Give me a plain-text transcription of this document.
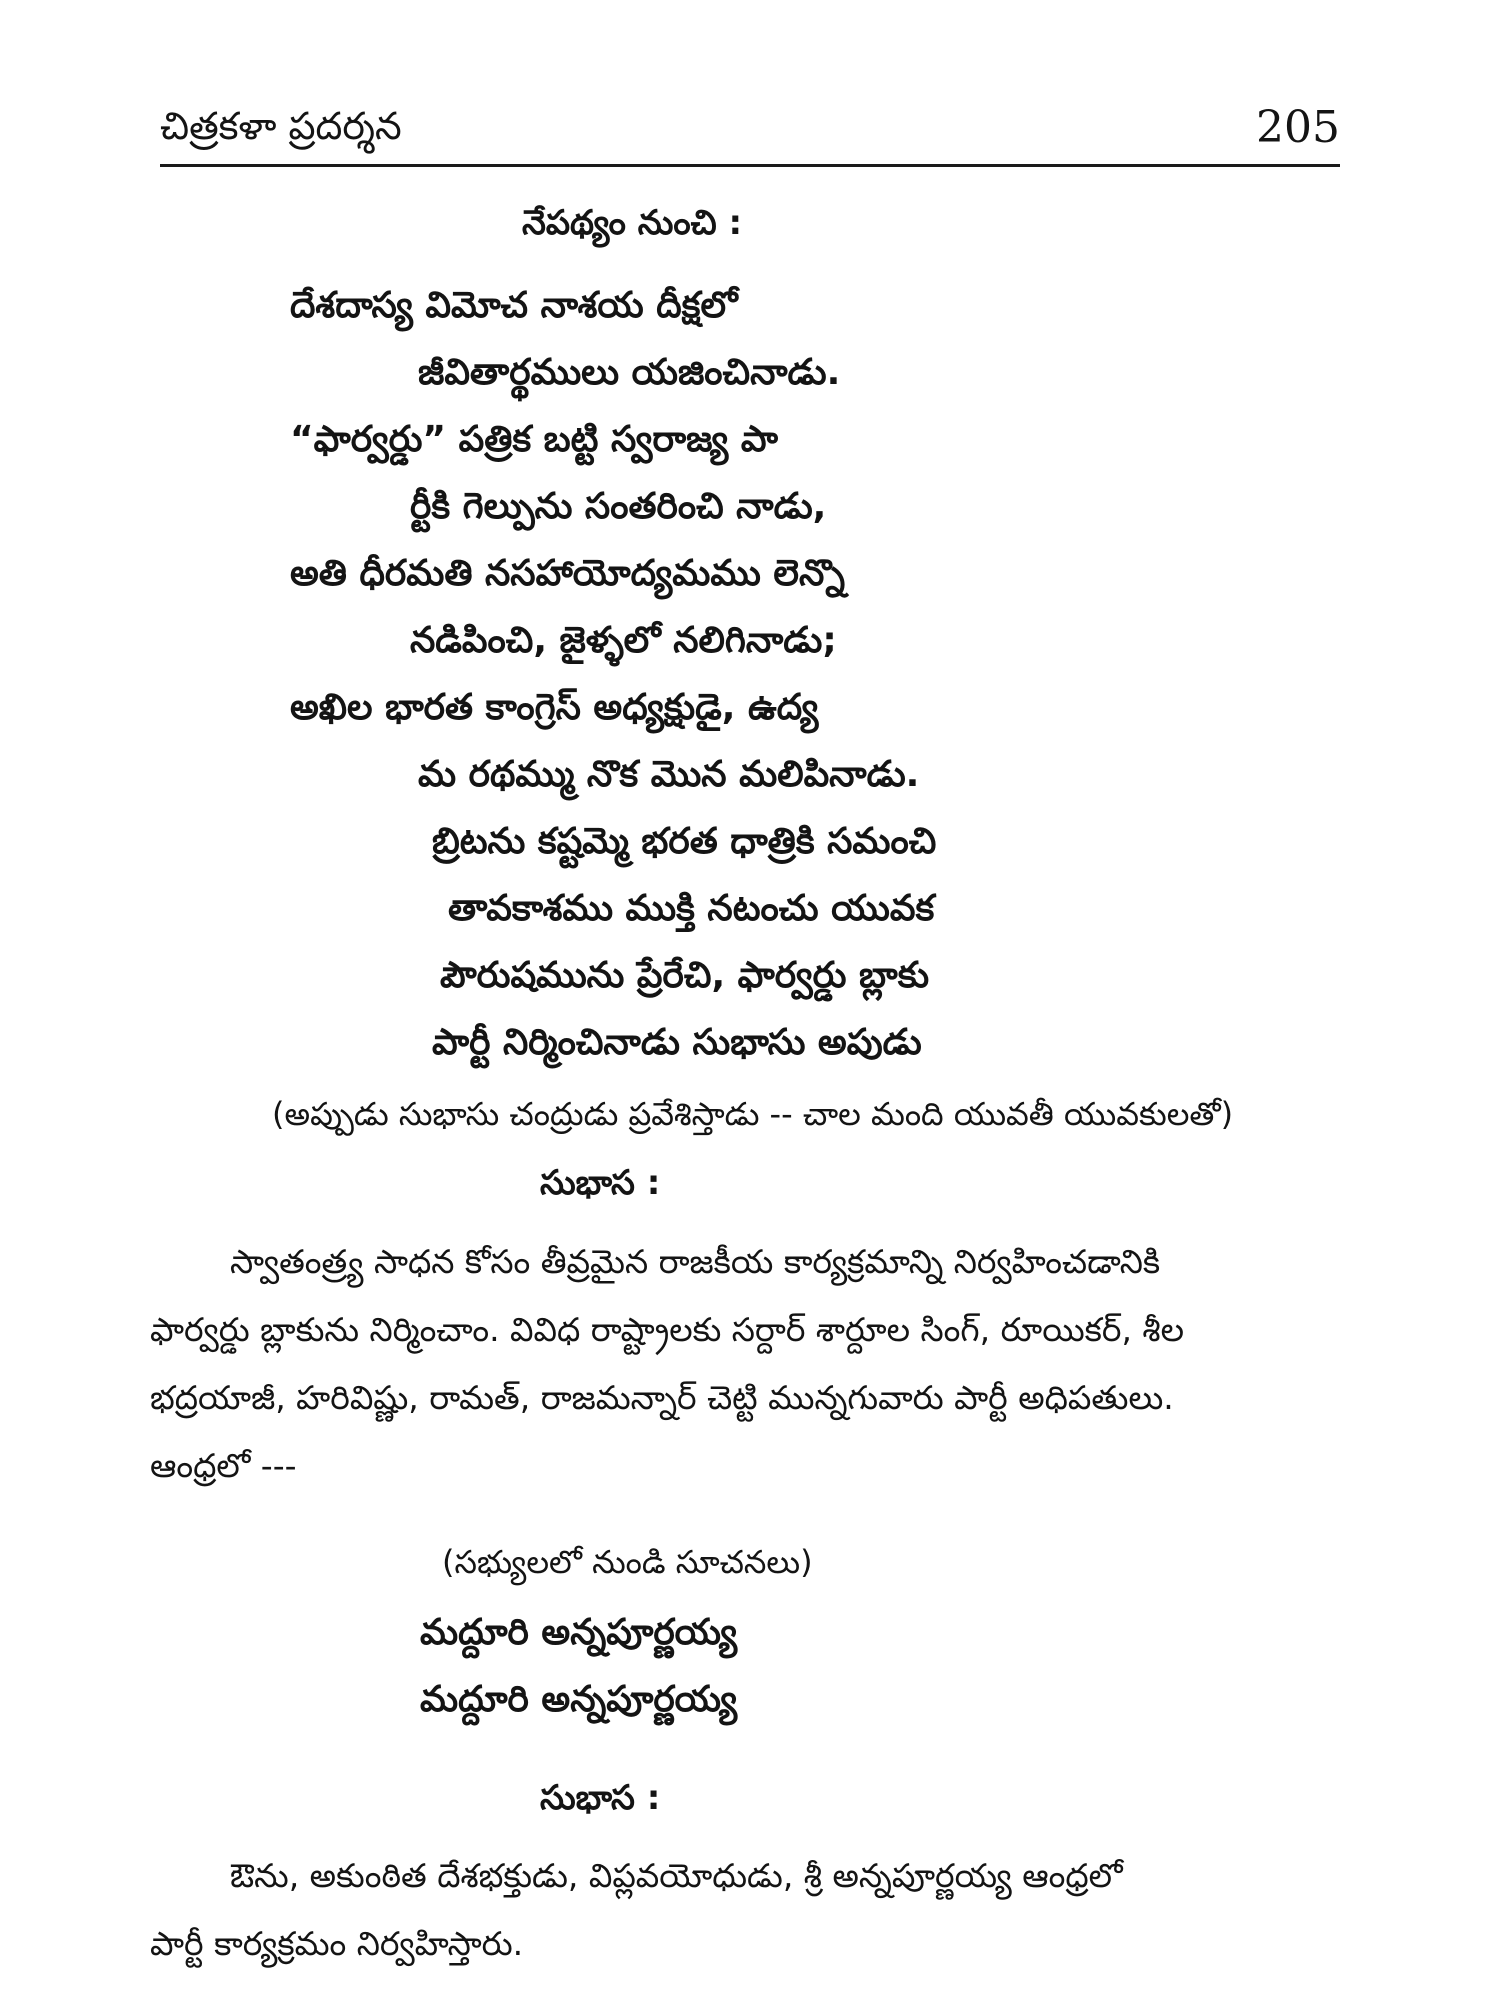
చిత్రకళా ప్రదర్శన	205
నేపథ్యం నుంచి :
దేశదాస్య విమోచ నాశయ దీక్షలో
జీవితార్థములు యజించినాడు.
“ఫార్వర్డు” పత్రిక బట్టి స్వరాజ్య పా
ర్టీకి గెల్పును సంతరించి నాడు,
అతి ధీరమతి నసహాయోద్యమము లెన్నొ
నడిపించి, జైళ్ళలో నలిగినాడు;
అఖిల భారత కాంగ్రెస్ అధ్యక్షుడై, ఉద్య
మ రథమ్ము నొక మొన మలిపినాడు.
బ్రిటను కష్టమ్మె భరత ధాత్రికి సమంచి
తావకాశము ముక్తి నటంచు యువక
పౌరుషమును ప్రేరేచి, ఫార్వర్డు బ్లాకు
పార్టీ నిర్మించినాడు సుభాసు అపుడు
(అప్పుడు సుభాసు చంద్రుడు ప్రవేశిస్తాడు -- చాల మంది యువతీ యువకులతో)
సుభాస :
స్వాతంత్ర్య సాధన కోసం తీవ్రమైన రాజకీయ కార్యక్రమాన్ని నిర్వహించడానికి
ఫార్వర్డు బ్లాకును నిర్మించాం. వివిధ రాష్ట్రాలకు సర్దార్ శార్దూల సింగ్, రూయికర్, శీల
భద్రయాజీ, హరివిష్ణు, రామత్, రాజమన్నార్ చెట్టి మున్నగువారు పార్టీ అధిపతులు.
ఆంధ్రలో ---
(సభ్యులలో నుండి సూచనలు)
మద్దూరి అన్నపూర్ణయ్య
మద్దూరి అన్నపూర్ణయ్య
సుభాస :
ఔను, అకుంఠిత దేశభక్తుడు, విప్లవయోధుడు, శ్రీ అన్నపూర్ణయ్య ఆంధ్రలో
పార్టీ కార్యక్రమం నిర్వహిస్తారు.
